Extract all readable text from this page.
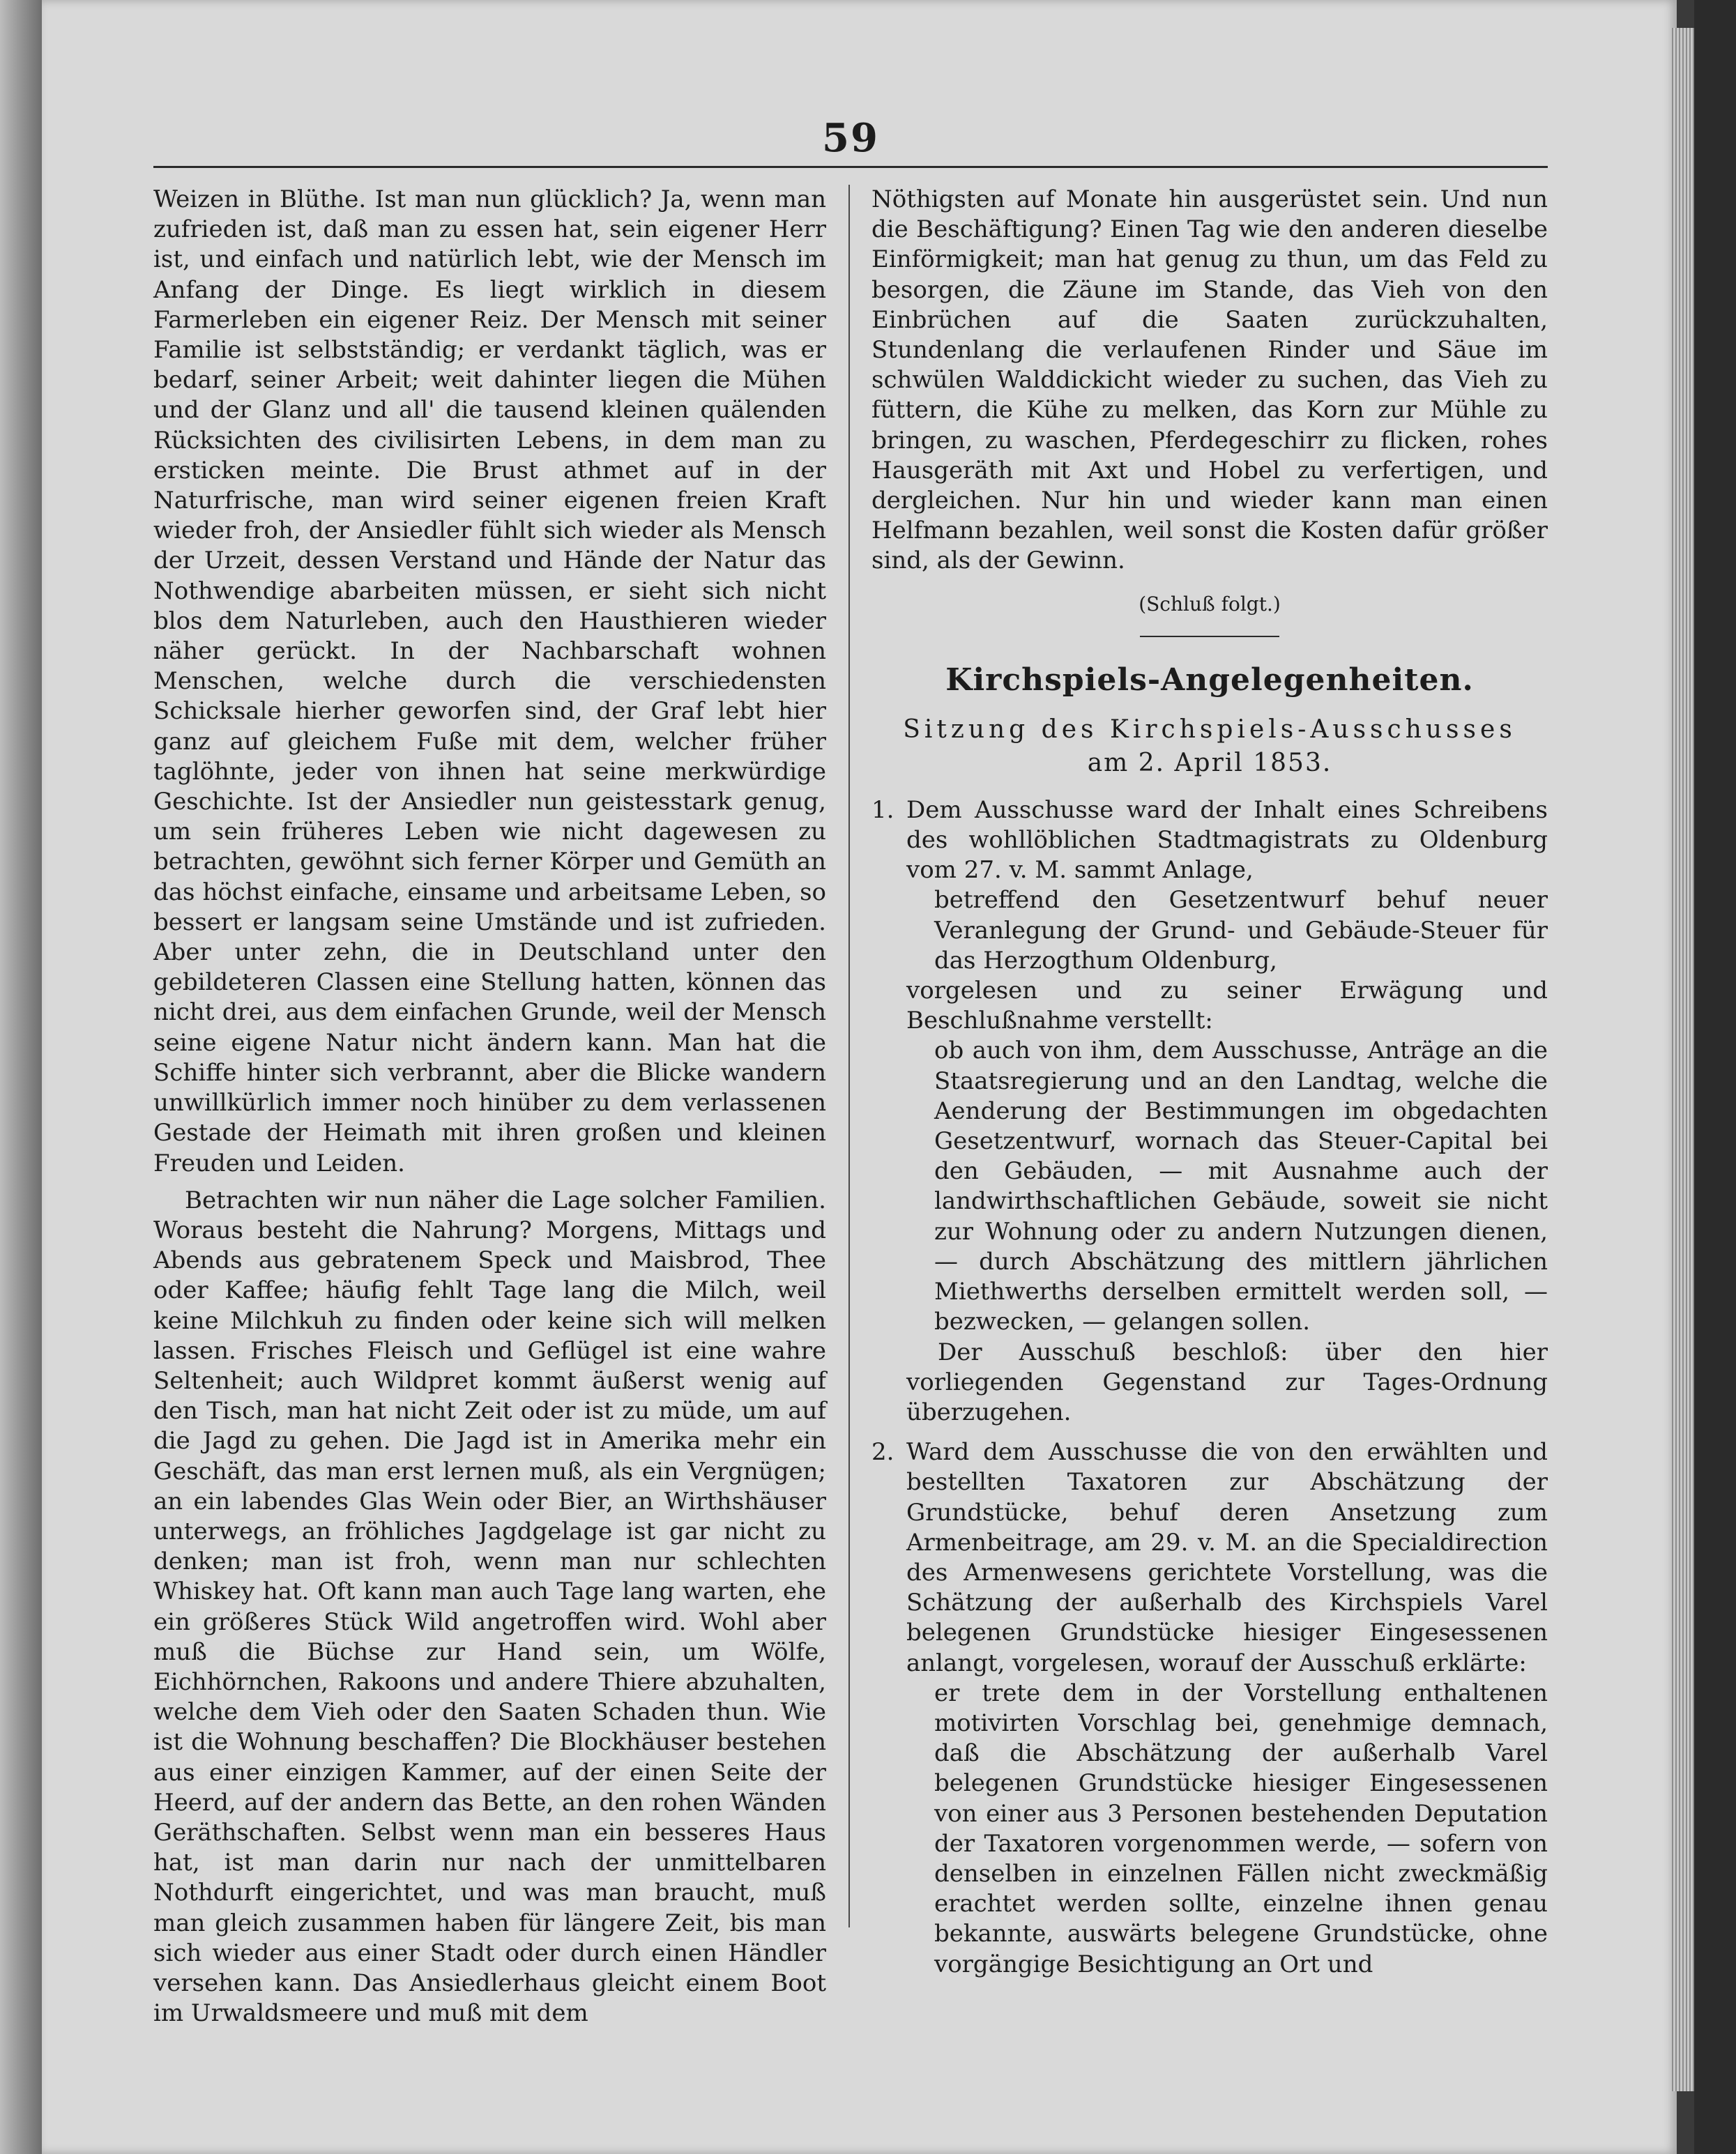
59

Weizen in Blüthe. Ist man nun glücklich? Ja, wenn man zufrieden ist, daß man zu essen hat, sein eigener Herr ist, und einfach und natürlich lebt, wie der Mensch im Anfang der Dinge. Es liegt wirklich in diesem Farmerleben ein eigener Reiz. Der Mensch mit seiner Familie ist selbstständig; er verdankt täglich, was er bedarf, seiner Arbeit; weit dahinter liegen die Mühen und der Glanz und all' die tausend kleinen quälenden Rücksichten des civilisirten Lebens, in dem man zu ersticken meinte. Die Brust athmet auf in der Naturfrische, man wird seiner eigenen freien Kraft wieder froh, der Ansiedler fühlt sich wieder als Mensch der Urzeit, dessen Verstand und Hände der Natur das Nothwendige abarbeiten müssen, er sieht sich nicht blos dem Naturleben, auch den Hausthieren wieder näher gerückt. In der Nachbarschaft wohnen Menschen, welche durch die verschiedensten Schicksale hierher geworfen sind, der Graf lebt hier ganz auf gleichem Fuße mit dem, welcher früher taglöhnte, jeder von ihnen hat seine merkwürdige Geschichte. Ist der Ansiedler nun geistesstark genug, um sein früheres Leben wie nicht dagewesen zu betrachten, gewöhnt sich ferner Körper und Gemüth an das höchst einfache, einsame und arbeitsame Leben, so bessert er langsam seine Umstände und ist zufrieden. Aber unter zehn, die in Deutschland unter den gebildeteren Classen eine Stellung hatten, können das nicht drei, aus dem einfachen Grunde, weil der Mensch seine eigene Natur nicht ändern kann. Man hat die Schiffe hinter sich verbrannt, aber die Blicke wandern unwillkürlich immer noch hinüber zu dem verlassenen Gestade der Heimath mit ihren großen und kleinen Freuden und Leiden.

Betrachten wir nun näher die Lage solcher Familien. Woraus besteht die Nahrung? Morgens, Mittags und Abends aus gebratenem Speck und Maisbrod, Thee oder Kaffee; häufig fehlt Tage lang die Milch, weil keine Milchkuh zu finden oder keine sich will melken lassen. Frisches Fleisch und Geflügel ist eine wahre Seltenheit; auch Wildpret kommt äußerst wenig auf den Tisch, man hat nicht Zeit oder ist zu müde, um auf die Jagd zu gehen. Die Jagd ist in Amerika mehr ein Geschäft, das man erst lernen muß, als ein Vergnügen; an ein labendes Glas Wein oder Bier, an Wirthshäuser unterwegs, an fröhliches Jagdgelage ist gar nicht zu denken; man ist froh, wenn man nur schlechten Whiskey hat. Oft kann man auch Tage lang warten, ehe ein größeres Stück Wild angetroffen wird. Wohl aber muß die Büchse zur Hand sein, um Wölfe, Eichhörnchen, Rakoons und andere Thiere abzuhalten, welche dem Vieh oder den Saaten Schaden thun. Wie ist die Wohnung beschaffen? Die Blockhäuser bestehen aus einer einzigen Kammer, auf der einen Seite der Heerd, auf der andern das Bette, an den rohen Wänden Geräthschaften. Selbst wenn man ein besseres Haus hat, ist man darin nur nach der unmittelbaren Nothdurft eingerichtet, und was man braucht, muß man gleich zusammen haben für längere Zeit, bis man sich wieder aus einer Stadt oder durch einen Händler versehen kann. Das Ansiedlerhaus gleicht einem Boot im Urwaldsmeere und muß mit dem

Nöthigsten auf Monate hin ausgerüstet sein. Und nun die Beschäftigung? Einen Tag wie den anderen dieselbe Einförmigkeit; man hat genug zu thun, um das Feld zu besorgen, die Zäune im Stande, das Vieh von den Einbrüchen auf die Saaten zurückzuhalten, Stundenlang die verlaufenen Rinder und Säue im schwülen Walddickicht wieder zu suchen, das Vieh zu füttern, die Kühe zu melken, das Korn zur Mühle zu bringen, zu waschen, Pferdegeschirr zu flicken, rohes Hausgeräth mit Axt und Hobel zu verfertigen, und dergleichen. Nur hin und wieder kann man einen Helfmann bezahlen, weil sonst die Kosten dafür größer sind, als der Gewinn.

(Schluß folgt.)

Kirchspiels-Angelegenheiten.
Sitzung des Kirchspiels-Ausschusses
am 2. April 1853.
1. Dem Ausschusse ward der Inhalt eines Schreibens des wohllöblichen Stadtmagistrats zu Oldenburg vom 27. v. M. sammt Anlage,

betreffend den Gesetzentwurf behuf neuer Veranlegung der Grund- und Gebäude-Steuer für das Herzogthum Oldenburg,

vorgelesen und zu seiner Erwägung und Beschlußnahme verstellt:

ob auch von ihm, dem Ausschusse, Anträge an die Staatsregierung und an den Landtag, welche die Aenderung der Bestimmungen im obgedachten Gesetzentwurf, wornach das Steuer-Capital bei den Gebäuden, — mit Ausnahme auch der landwirthschaftlichen Gebäude, soweit sie nicht zur Wohnung oder zu andern Nutzungen dienen, — durch Abschätzung des mittlern jährlichen Miethwerths derselben ermittelt werden soll, — bezwecken, — gelangen sollen.

Der Ausschuß beschloß: über den hier vorliegenden Gegenstand zur Tages-Ordnung überzugehen.

2. Ward dem Ausschusse die von den erwählten und bestellten Taxatoren zur Abschätzung der Grundstücke, behuf deren Ansetzung zum Armenbeitrage, am 29. v. M. an die Specialdirection des Armenwesens gerichtete Vorstellung, was die Schätzung der außerhalb des Kirchspiels Varel belegenen Grundstücke hiesiger Eingesessenen anlangt, vorgelesen, worauf der Ausschuß erklärte:

er trete dem in der Vorstellung enthaltenen motivirten Vorschlag bei, genehmige demnach, daß die Abschätzung der außerhalb Varel belegenen Grundstücke hiesiger Eingesessenen von einer aus 3 Personen bestehenden Deputation der Taxatoren vorgenommen werde, — sofern von denselben in einzelnen Fällen nicht zweckmäßig erachtet werden sollte, einzelne ihnen genau bekannte, auswärts belegene Grundstücke, ohne vorgängige Besichtigung an Ort und
